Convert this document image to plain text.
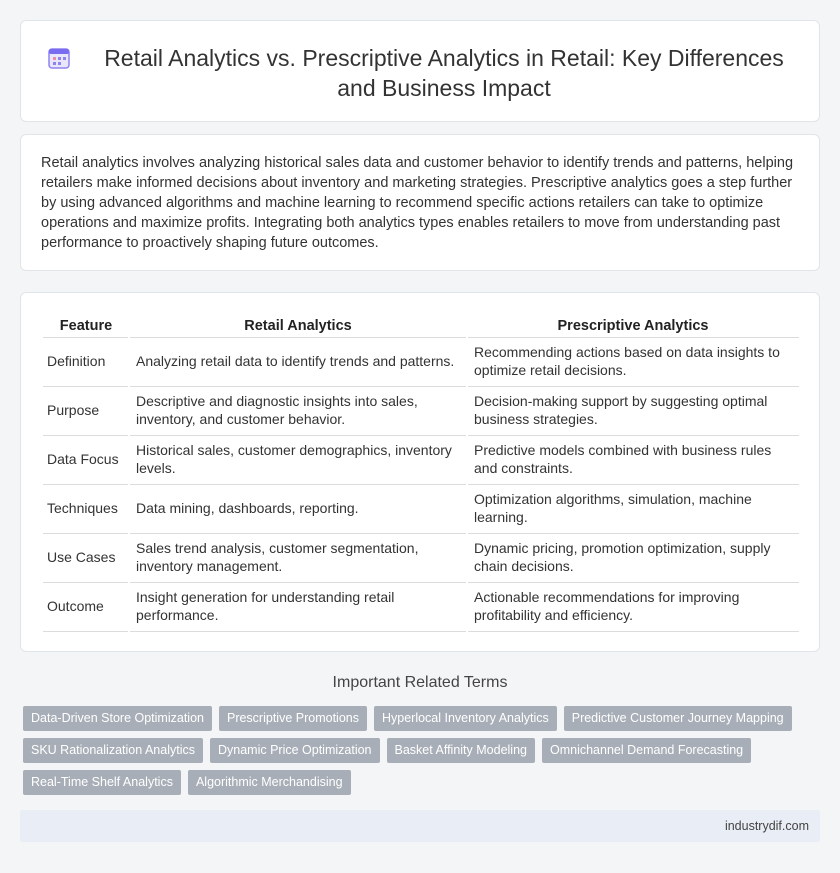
Retail Analytics vs. Prescriptive Analytics in Retail: Key Differences and Business Impact

Retail analytics involves analyzing historical sales data and customer behavior to identify trends and patterns, helping retailers make informed decisions about inventory and marketing strategies. Prescriptive analytics goes a step further by using advanced algorithms and machine learning to recommend specific actions retailers can take to optimize operations and maximize profits. Integrating both analytics types enables retailers to move from understanding past performance to proactively shaping future outcomes.

Feature	Retail Analytics	Prescriptive Analytics
Definition	Analyzing retail data to identify trends and patterns.	Recommending actions based on data insights to optimize retail decisions.
Purpose	Descriptive and diagnostic insights into sales, inventory, and customer behavior.	Decision-making support by suggesting optimal business strategies.
Data Focus	Historical sales, customer demographics, inventory levels.	Predictive models combined with business rules and constraints.
Techniques	Data mining, dashboards, reporting.	Optimization algorithms, simulation, machine learning.
Use Cases	Sales trend analysis, customer segmentation, inventory management.	Dynamic pricing, promotion optimization, supply chain decisions.
Outcome	Insight generation for understanding retail performance.	Actionable recommendations for improving profitability and efficiency.
Important Related Terms
Data-Driven Store Optimization	Prescriptive Promotions	Hyperlocal Inventory Analytics	Predictive Customer Journey Mapping
SKU Rationalization Analytics	Dynamic Price Optimization	Basket Affinity Modeling	Omnichannel Demand Forecasting
Real-Time Shelf Analytics	Algorithmic Merchandising
industrydif.com
